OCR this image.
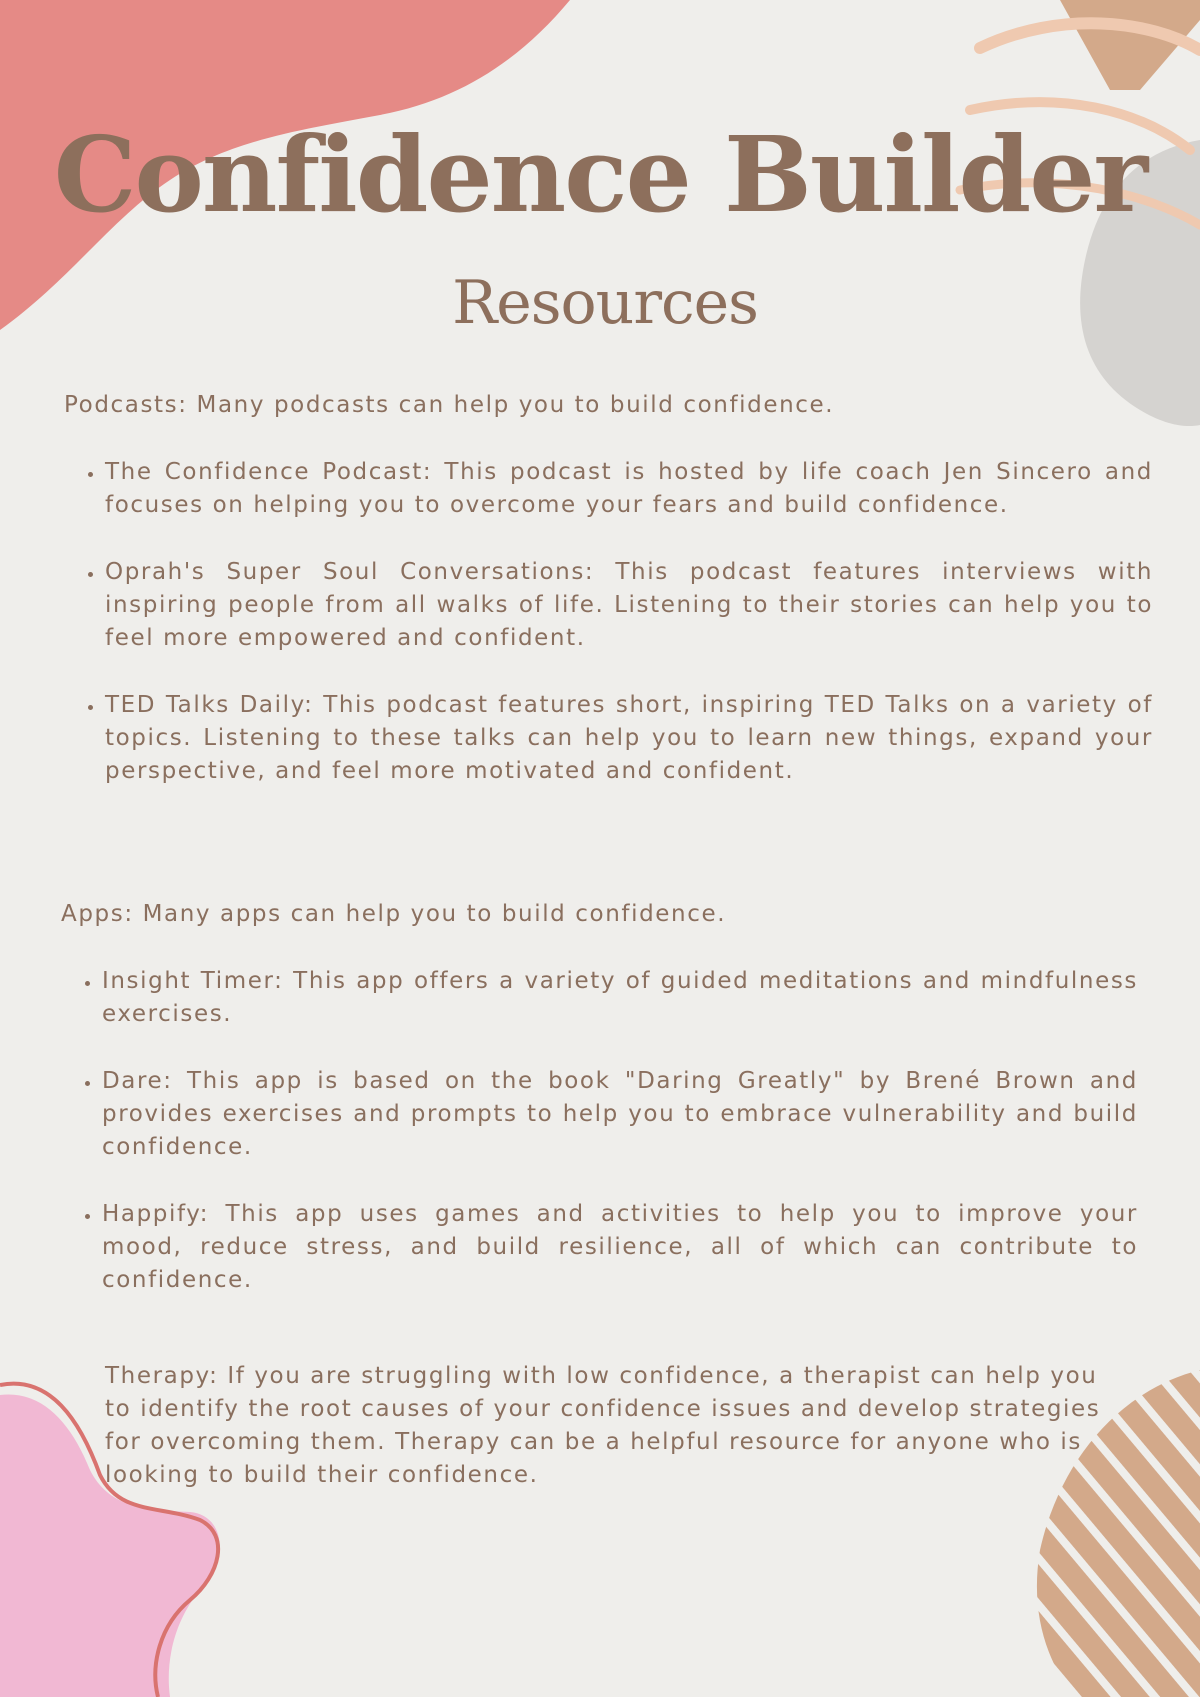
Confidence Builder
Resources

Podcasts: Many podcasts can help you to build confidence.

• The Confidence Podcast: This podcast is hosted by life coach Jen Sincero and focuses on helping you to overcome your fears and build confidence.
• Oprah's Super Soul Conversations: This podcast features interviews with inspiring people from all walks of life. Listening to their stories can help you to feel more empowered and confident.
• TED Talks Daily: This podcast features short, inspiring TED Talks on a variety of topics. Listening to these talks can help you to learn new things, expand your perspective, and feel more motivated and confident.

Apps: Many apps can help you to build confidence.

• Insight Timer: This app offers a variety of guided meditations and mindfulness exercises.
• Dare: This app is based on the book "Daring Greatly" by Brené Brown and provides exercises and prompts to help you to embrace vulnerability and build confidence.
• Happify: This app uses games and activities to help you to improve your mood, reduce stress, and build resilience, all of which can contribute to confidence.

Therapy: If you are struggling with low confidence, a therapist can help you to identify the root causes of your confidence issues and develop strategies for overcoming them. Therapy can be a helpful resource for anyone who is looking to build their confidence.
